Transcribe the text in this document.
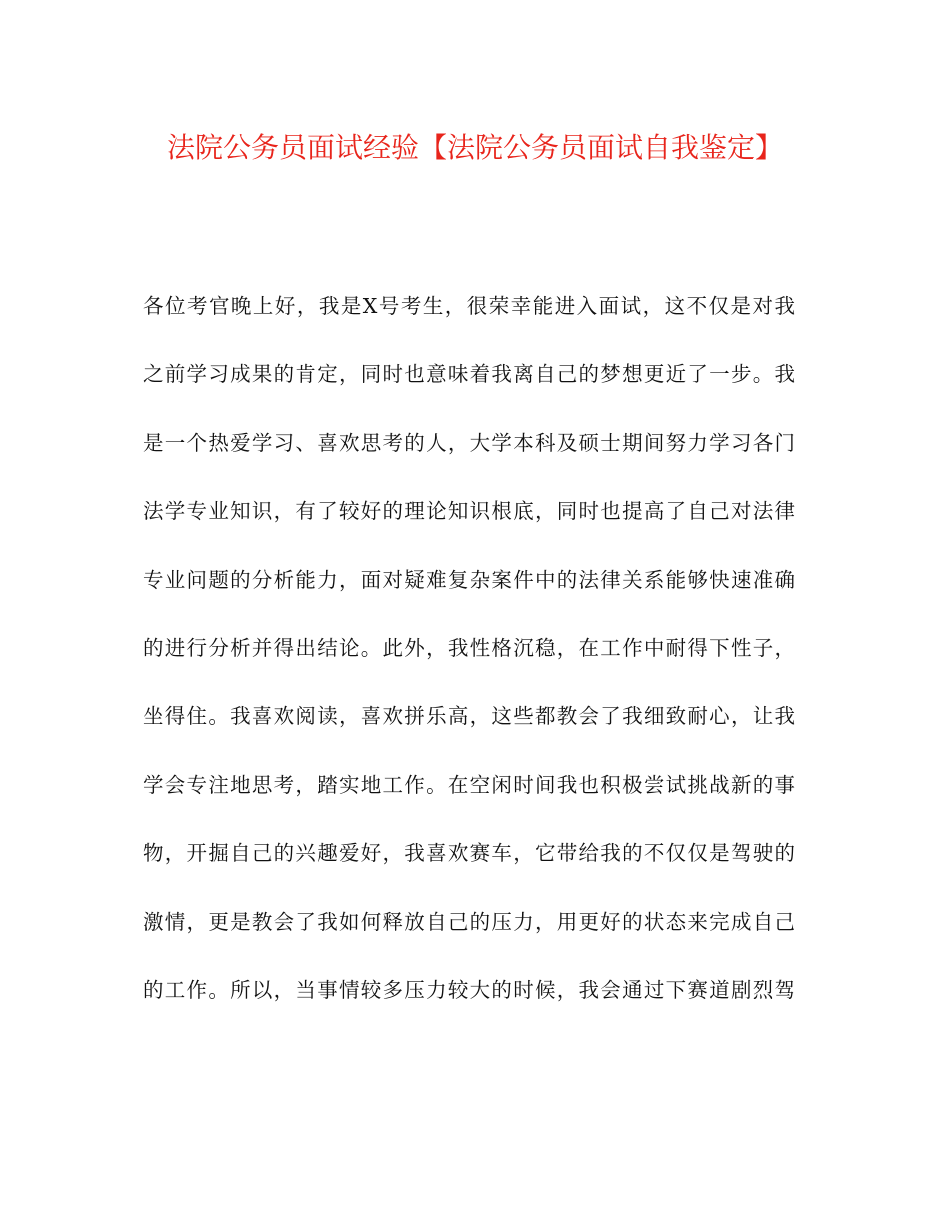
法院公务员面试经验【法院公务员面试自我鉴定】
各位考官晚上好，我是X号考生，很荣幸能进入面试，这不仅是对我
之前学习成果的肯定，同时也意味着我离自己的梦想更近了一步。我
是一个热爱学习、喜欢思考的人，大学本科及硕士期间努力学习各门
法学专业知识，有了较好的理论知识根底，同时也提高了自己对法律
专业问题的分析能力，面对疑难复杂案件中的法律关系能够快速准确
的进行分析并得出结论。此外，我性格沉稳，在工作中耐得下性子，
坐得住。我喜欢阅读，喜欢拼乐高，这些都教会了我细致耐心，让我
学会专注地思考，踏实地工作。在空闲时间我也积极尝试挑战新的事
物，开掘自己的兴趣爱好，我喜欢赛车，它带给我的不仅仅是驾驶的
激情，更是教会了我如何释放自己的压力，用更好的状态来完成自己
的工作。所以，当事情较多压力较大的时候，我会通过下赛道剧烈驾
